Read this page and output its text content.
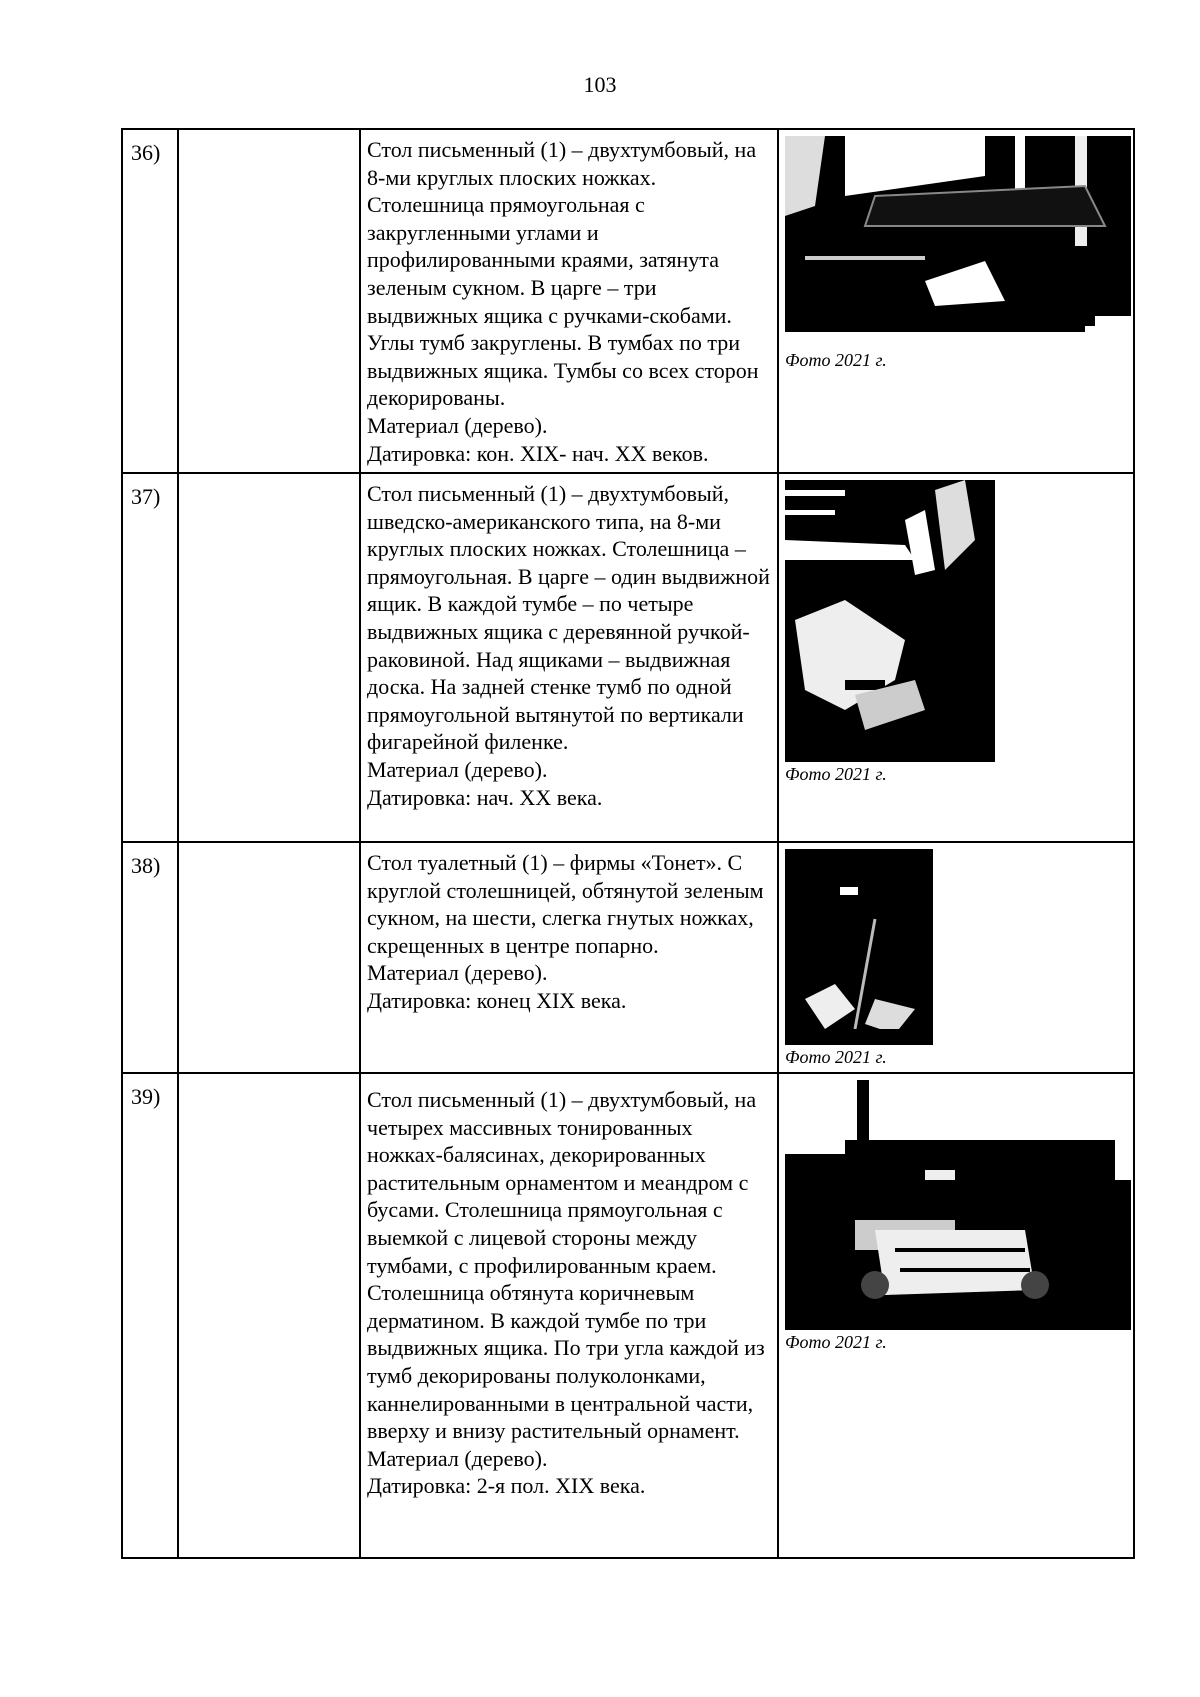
103
36)		Стол письменный (1) – двухтумбовый, на 8-ми круглых плоских ножках. Столешница прямоугольная с закругленными углами и профилированными краями, затянута зеленым сукном. В царге – три выдвижных ящика с ручками-скобами. Углы тумб закруглены. В тумбах по три выдвижных ящика. Тумбы со всех сторон декорированы.

Материал (дерево).

Датировка: кон. XIX- нач. XX веков.	Фото 2021 г.

37)		Стол письменный (1) – двухтумбовый, шведско-американского типа, на 8-ми круглых плоских ножках. Столешница – прямоугольная. В царге – один выдвижной ящик. В каждой тумбе – по четыре выдвижных ящика с деревянной ручкой-раковиной. Над ящиками – выдвижная доска. На задней стенке тумб по одной прямоугольной вытянутой по вертикали фигарейной филенке.

Материал (дерево).

Датировка: нач. XX века.	Фото 2021 г.

38)		Стол туалетный (1) – фирмы «Тонет». С круглой столешницей, обтянутой зеленым сукном, на шести, слегка гнутых ножках, скрещенных в центре попарно.

Материал (дерево).

Датировка: конец XIX века.	Фото 2021 г.

39)		Стол письменный (1) – двухтумбовый, на четырех массивных тонированных ножках-балясинах, декорированных растительным орнаментом и меандром с бусами. Столешница прямоугольная с выемкой с лицевой стороны между тумбами, с профилированным краем. Столешница обтянута коричневым дерматином. В каждой тумбе по три выдвижных ящика. По три угла каждой из тумб декорированы полуколонками, каннелированными в центральной части, вверху и внизу растительный орнамент.

Материал (дерево).

Датировка: 2-я пол. XIX века.	Фото 2021 г.
